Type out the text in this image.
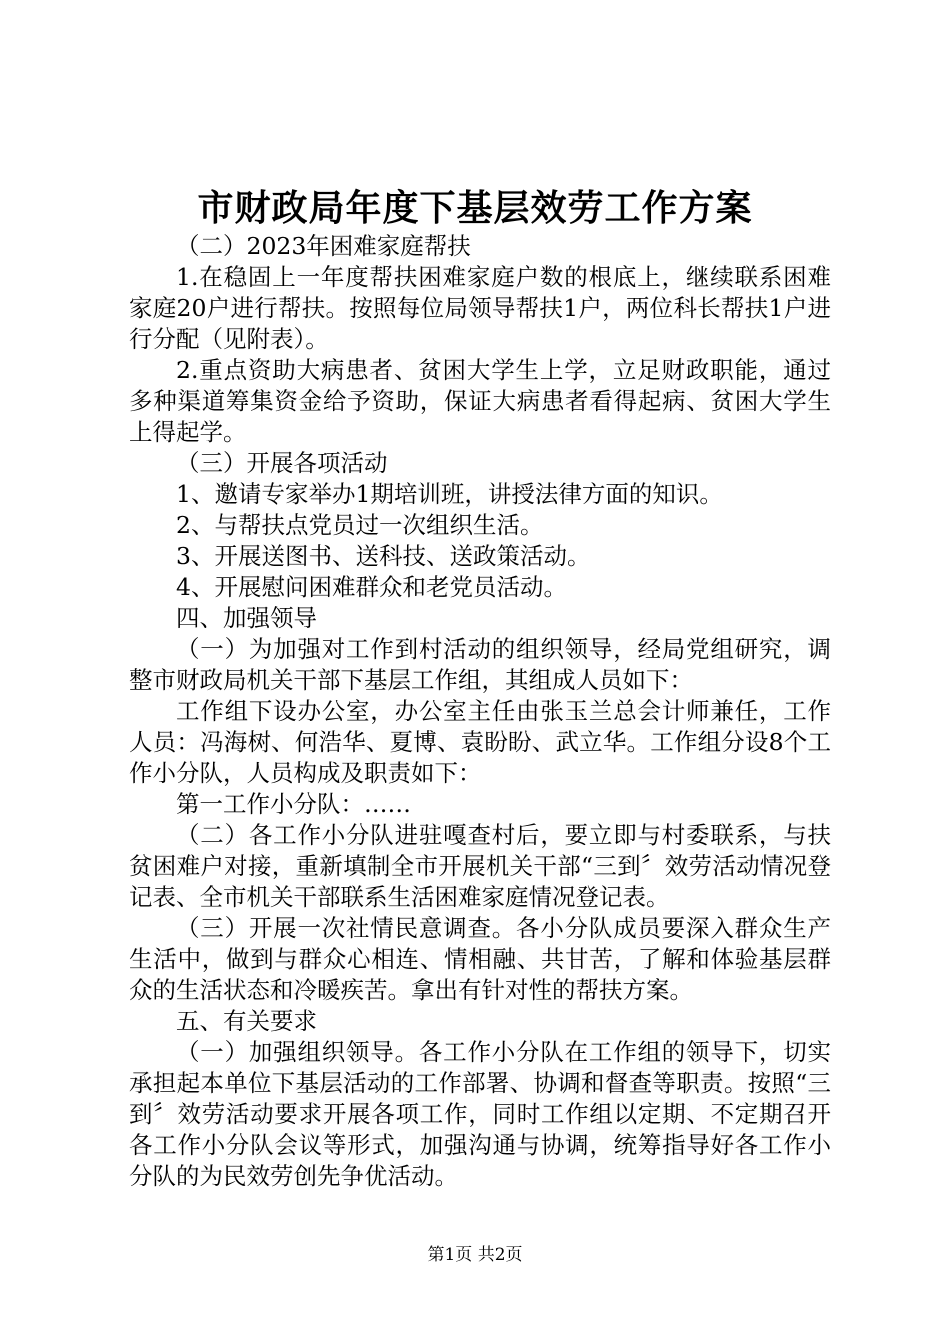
市财政局年度下基层效劳工作方案

（二）2023年困难家庭帮扶

1.在稳固上一年度帮扶困难家庭户数的根底上，继续联系困难家庭20户进行帮扶。按照每位局领导帮扶1户，两位科长帮扶1户进行分配（见附表）。

2.重点资助大病患者、贫困大学生上学，立足财政职能，通过多种渠道筹集资金给予资助，保证大病患者看得起病、贫困大学生上得起学。

（三）开展各项活动

1、邀请专家举办1期培训班，讲授法律方面的知识。

2、与帮扶点党员过一次组织生活。

3、开展送图书、送科技、送政策活动。

4、开展慰问困难群众和老党员活动。

四、加强领导

（一）为加强对工作到村活动的组织领导，经局党组研究，调整市财政局机关干部下基层工作组，其组成人员如下：

工作组下设办公室，办公室主任由张玉兰总会计师兼任，工作人员：冯海树、何浩华、夏博、袁盼盼、武立华。工作组分设8个工作小分队，人员构成及职责如下：

第一工作小分队：……

（二）各工作小分队进驻嘎查村后，要立即与村委联系，与扶贫困难户对接，重新填制全市开展机关干部“三到〞效劳活动情况登记表、全市机关干部联系生活困难家庭情况登记表。

（三）开展一次社情民意调查。各小分队成员要深入群众生产生活中，做到与群众心相连、情相融、共甘苦，了解和体验基层群众的生活状态和冷暖疾苦。拿出有针对性的帮扶方案。

五、有关要求

（一）加强组织领导。各工作小分队在工作组的领导下，切实承担起本单位下基层活动的工作部署、协调和督查等职责。按照“三到〞效劳活动要求开展各项工作，同时工作组以定期、不定期召开各工作小分队会议等形式，加强沟通与协调，统筹指导好各工作小分队的为民效劳创先争优活动。

第1页 共2页
